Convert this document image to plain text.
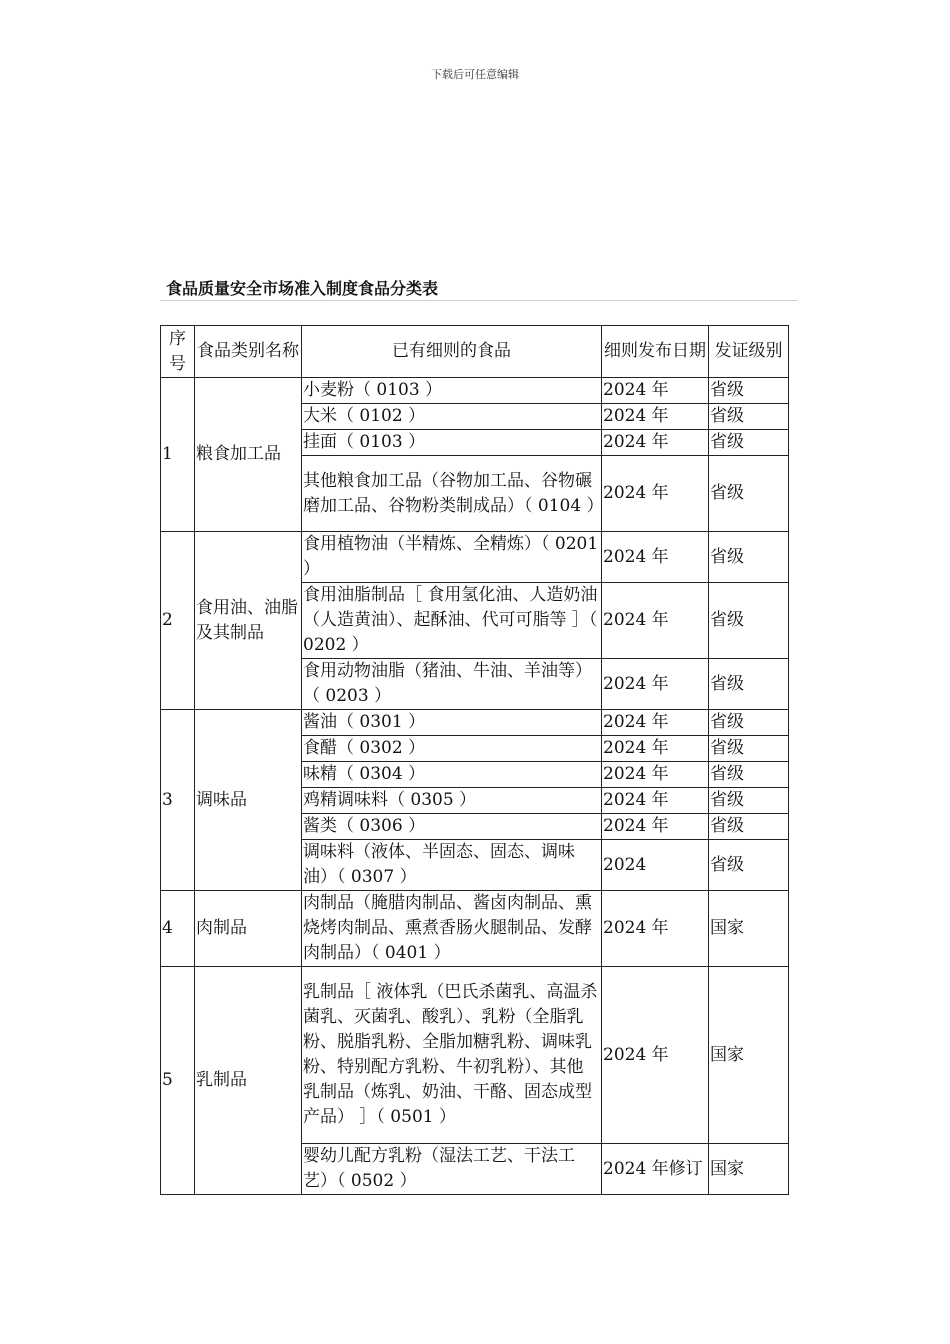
下载后可任意编辑
食品质量安全市场准入制度食品分类表
序号	食品类别名称	已有细则的食品	细则发布日期	发证级别
1	粮食加工品	小麦粉（ 0103 ）	2024 年	省级
		大米（ 0102 ）	2024 年	省级
		挂面（ 0103 ）	2024 年	省级
		其他粮食加工品（谷物加工品、谷物碾磨加工品、谷物粉类制成品）（ 0104 ）	2024 年	省级
2	食用油、油脂及其制品	食用植物油（半精炼、全精炼）（ 0201 ）	2024 年	省级
		食用油脂制品［ 食用氢化油、人造奶油（人造黄油）、起酥油、代可可脂等 ］（ 0202 ）	2024 年	省级
		食用动物油脂（猪油、牛油、羊油等）（ 0203 ）	2024 年	省级
3	调味品	酱油（ 0301 ）	2024 年	省级
		食醋（ 0302 ）	2024 年	省级
		味精（ 0304 ）	2024 年	省级
		鸡精调味料（ 0305 ）	2024 年	省级
		酱类（ 0306 ）	2024 年	省级
		调味料（液体、半固态、固态、调味油）（ 0307 ）	2024	省级
4	肉制品	肉制品（腌腊肉制品、酱卤肉制品、熏烧烤肉制品、熏煮香肠火腿制品、发酵肉制品）（ 0401 ）	2024 年	国家
5	乳制品	乳制品［ 液体乳（巴氏杀菌乳、高温杀菌乳、灭菌乳、酸乳）、乳粉（全脂乳粉、脱脂乳粉、全脂加糖乳粉、调味乳粉、特别配方乳粉、牛初乳粉）、其他乳制品（炼乳、奶油、干酪、固态成型产品） ］（ 0501 ）	2024 年	国家
		婴幼儿配方乳粉（湿法工艺、干法工艺）（ 0502 ）	2024 年修订	国家
